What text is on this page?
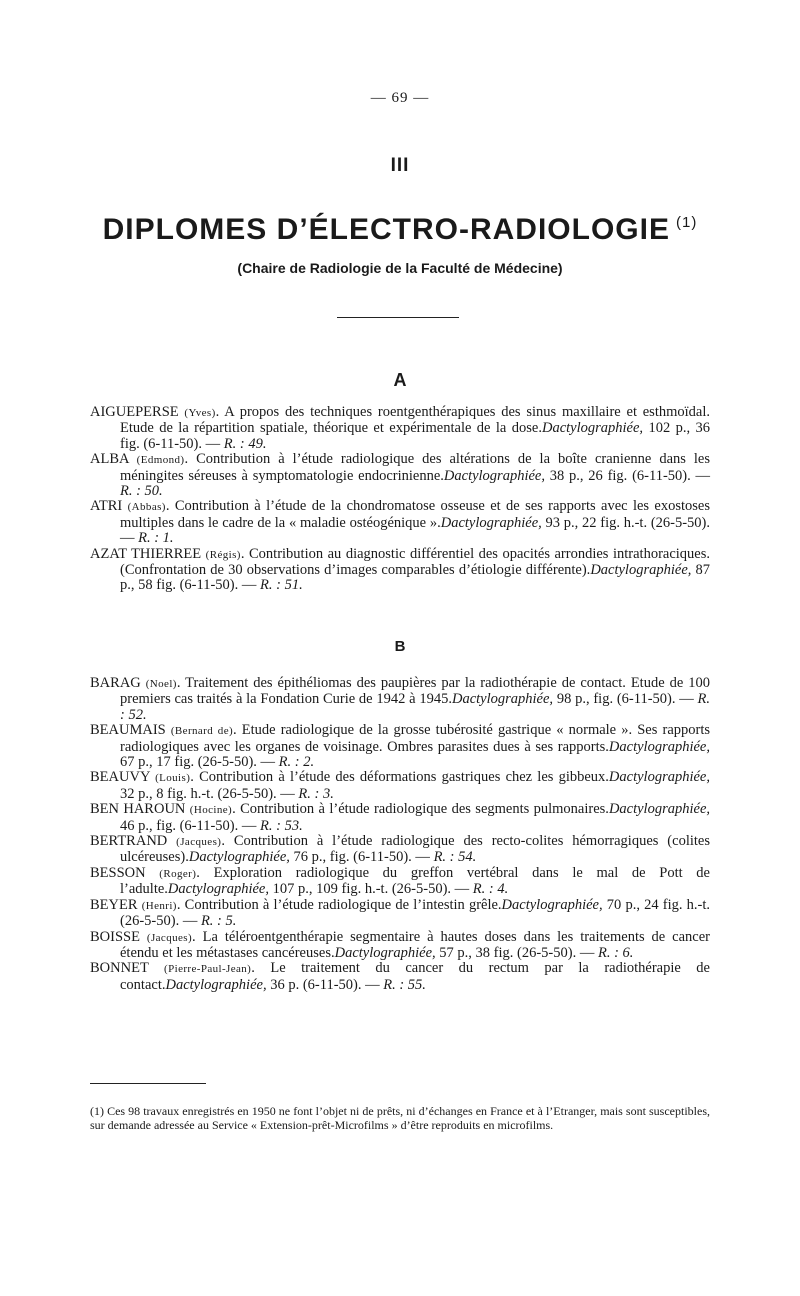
— 69 —
III
DIPLOMES D’ÉLECTRO-RADIOLOGIE $^{(1)}$
(Chaire de Radiologie de la Faculté de Médecine)
A
AIGUEPERSE (Yves). A propos des techniques roentgenthérapiques des sinus maxillaire et esthmoïdal. Etude de la répartition spatiale, théorique et expérimentale de la dose.Dactylographiée, 102 p., 36 fig. (6-11-50). — R. : 49.
ALBA (Edmond). Contribution à l’étude radiologique des altérations de la boîte cranienne dans les méningites séreuses à symptomatologie endocrinienne.Dactylographiée, 38 p., 26 fig. (6-11-50). — R. : 50.
ATRI (Abbas). Contribution à l’étude de la chondromatose osseuse et de ses rapports avec les exostoses multiples dans le cadre de la « maladie ostéogénique ».Dactylographiée, 93 p., 22 fig. h.-t. (26-5-50). — R. : 1.
AZAT THIERREE (Régis). Contribution au diagnostic différentiel des opacités arrondies intrathoraciques. (Confrontation de 30 observations d’images comparables d’étiologie différente).Dactylographiée, 87 p., 58 fig. (6-11-50). — R. : 51.
B
BARAG (Noel). Traitement des épithéliomas des paupières par la radiothérapie de contact. Etude de 100 premiers cas traités à la Fondation Curie de 1942 à 1945.Dactylographiée, 98 p., fig. (6-11-50). — R. : 52.
BEAUMAIS (Bernard de). Etude radiologique de la grosse tubérosité gastrique « normale ». Ses rapports radiologiques avec les organes de voisinage. Ombres parasites dues à ses rapports.Dactylographiée, 67 p., 17 fig. (26-5-50). — R. : 2.
BEAUVY (Louis). Contribution à l’étude des déformations gastriques chez les gibbeux.Dactylographiée, 32 p., 8 fig. h.-t. (26-5-50). — R. : 3.
BEN HAROUN (Hocine). Contribution à l’étude radiologique des segments pulmonaires.Dactylographiée, 46 p., fig. (6-11-50). — R. : 53.
BERTRAND (Jacques). Contribution à l’étude radiologique des recto-colites hémorragiques (colites ulcéreuses).Dactylographiée, 76 p., fig. (6-11-50). — R. : 54.
BESSON (Roger). Exploration radiologique du greffon vertébral dans le mal de Pott de l’adulte.Dactylographiée, 107 p., 109 fig. h.-t. (26-5-50). — R. : 4.
BEYER (Henri). Contribution à l’étude radiologique de l’intestin grêle.Dactylographiée, 70 p., 24 fig. h.-t. (26-5-50). — R. : 5.
BOISSE (Jacques). La téléroentgenthérapie segmentaire à hautes doses dans les traitements de cancer étendu et les métastases cancéreuses.Dactylographiée, 57 p., 38 fig. (26-5-50). — R. : 6.
BONNET (Pierre-Paul-Jean). Le traitement du cancer du rectum par la radiothérapie de contact.Dactylographiée, 36 p. (6-11-50). — R. : 55.
(1) Ces 98 travaux enregistrés en 1950 ne font l’objet ni de prêts, ni d’échanges en France et à l’Etranger, mais sont susceptibles, sur demande adressée au Service « Extension-prêt-Microfilms » d’être reproduits en microfilms.
